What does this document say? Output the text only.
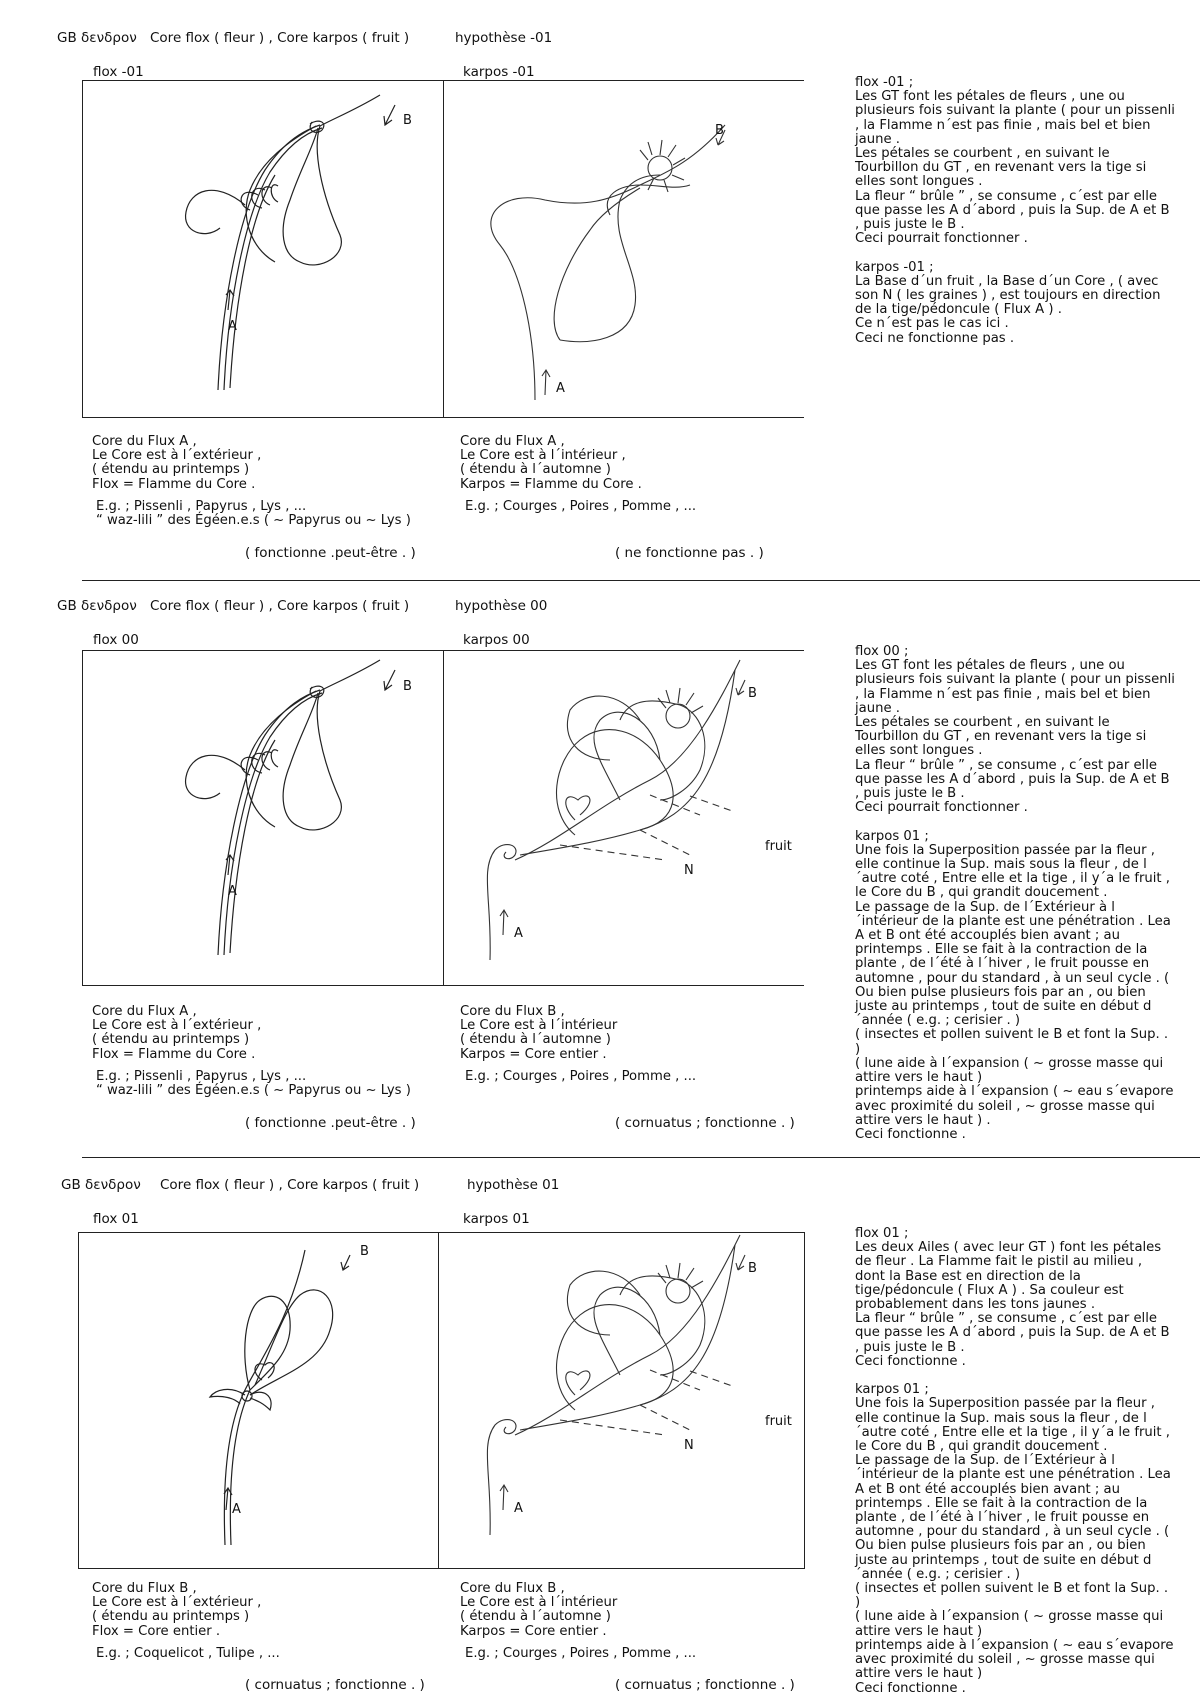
GB δενδρον Core flox ( fleur ) , Core karpos ( fruit )	hypothèse -01
flox -01	karpos -01
A
B
A
B
Core du Flux A ,
Le Core est à l´extérieur ,
( étendu au printemps )
Flox = Flamme du Core .
E.g. ; Pissenli , Papyrus , Lys , ...
“ waz-lili ” des Égéen.e.s ( ~ Papyrus ou ~ Lys )
( fonctionne .peut-être . )
Core du Flux A ,
Le Core est à l´intérieur ,
( étendu à l´automne )
Karpos = Flamme du Core .
E.g. ; Courges , Poires , Pomme , ...
( ne fonctionne pas . )
flox -01 ;
Les GT font les pétales de fleurs , une ou plusieurs fois suivant la plante ( pour un pissenli , la Flamme n´est pas finie , mais bel et bien jaune .
Les pétales se courbent , en suivant le Tourbillon du GT , en revenant vers la tige si elles sont longues .
La fleur “ brûle ” , se consume , c´est par elle que passe les A d´abord , puis la Sup. de A et B , puis juste le B .
Ceci pourrait fonctionner .

karpos -01 ;
La Base d´un fruit , la Base d´un Core , ( avec son N ( les graines ) , est toujours en direction de la tige/pédoncule ( Flux A ) .
Ce n´est pas le cas ici .
Ceci ne fonctionne pas .
GB δενδρον Core flox ( fleur ) , Core karpos ( fruit )	hypothèse 00
flox 00	karpos 00
A
B
A
B
fruit
N
Core du Flux A ,
Le Core est à l´extérieur ,
( étendu au printemps )
Flox = Flamme du Core .
E.g. ; Pissenli , Papyrus , Lys , ...
“ waz-lili ” des Égéen.e.s ( ~ Papyrus ou ~ Lys )
( fonctionne .peut-être . )
Core du Flux B ,
Le Core est à l´intérieur
( étendu à l´automne )
Karpos = Core entier .
E.g. ; Courges , Poires , Pomme , ...
( cornuatus ; fonctionne . )
flox 00 ;
Les GT font les pétales de fleurs , une ou plusieurs fois suivant la plante ( pour un pissenli , la Flamme n´est pas finie , mais bel et bien jaune .
Les pétales se courbent , en suivant le Tourbillon du GT , en revenant vers la tige si elles sont longues .
La fleur “ brûle ” , se consume , c´est par elle que passe les A d´abord , puis la Sup. de A et B , puis juste le B .
Ceci pourrait fonctionner .

karpos 01 ;
Une fois la Superposition passée par la fleur , elle continue la Sup. mais sous la fleur , de l´autre coté , Entre elle et la tige , il y´a le fruit , le Core du B , qui grandit doucement .
Le passage de la Sup. de l´Extérieur à l´intérieur de la plante est une pénétration . Lea A et B ont été accouplés bien avant ; au printemps . Elle se fait à la contraction de la plante , de l´été à l´hiver , le fruit pousse en automne , pour du standard , à un seul cycle . ( Ou bien pulse plusieurs fois par an , ou bien juste au printemps , tout de suite en début d´année ( e.g. ; cerisier . )
( insectes et pollen suivent le B et font la Sup. . )
( lune aide à l´expansion ( ~ grosse masse qui attire vers le haut )
printemps aide à l´expansion ( ~ eau s´evapore avec proximité du soleil , ~ grosse masse qui attire vers le haut ) .
Ceci fonctionne .
GB δενδρον Core flox ( fleur ) , Core karpos ( fruit )	hypothèse 01
flox 01	karpos 01
A
B
A
B
fruit
N
Core du Flux B ,
Le Core est à l´extérieur ,
( étendu au printemps )
Flox = Core entier .
E.g. ; Coquelicot , Tulipe , ...
( cornuatus ; fonctionne . )
Core du Flux B ,
Le Core est à l´intérieur
( étendu à l´automne )
Karpos = Core entier .
E.g. ; Courges , Poires , Pomme , ...
( cornuatus ; fonctionne . )
flox 01 ;
Les deux Ailes ( avec leur GT ) font les pétales de fleur . La Flamme fait le pistil au milieu , dont la Base est en direction de la tige/pédoncule ( Flux A ) . Sa couleur est probablement dans les tons jaunes .
La fleur “ brûle ” , se consume , c´est par elle que passe les A d´abord , puis la Sup. de A et B , puis juste le B .
Ceci fonctionne .

karpos 01 ;
Une fois la Superposition passée par la fleur , elle continue la Sup. mais sous la fleur , de l´autre coté , Entre elle et la tige , il y´a le fruit , le Core du B , qui grandit doucement .
Le passage de la Sup. de l´Extérieur à l´intérieur de la plante est une pénétration . Lea A et B ont été accouplés bien avant ; au printemps . Elle se fait à la contraction de la plante , de l´été à l´hiver , le fruit pousse en automne , pour du standard , à un seul cycle . ( Ou bien pulse plusieurs fois par an , ou bien juste au printemps , tout de suite en début d´année ( e.g. ; cerisier . )
( insectes et pollen suivent le B et font la Sup. . )
( lune aide à l´expansion ( ~ grosse masse qui attire vers le haut )
printemps aide à l´expansion ( ~ eau s´evapore avec proximité du soleil , ~ grosse masse qui attire vers le haut )
Ceci fonctionne .
